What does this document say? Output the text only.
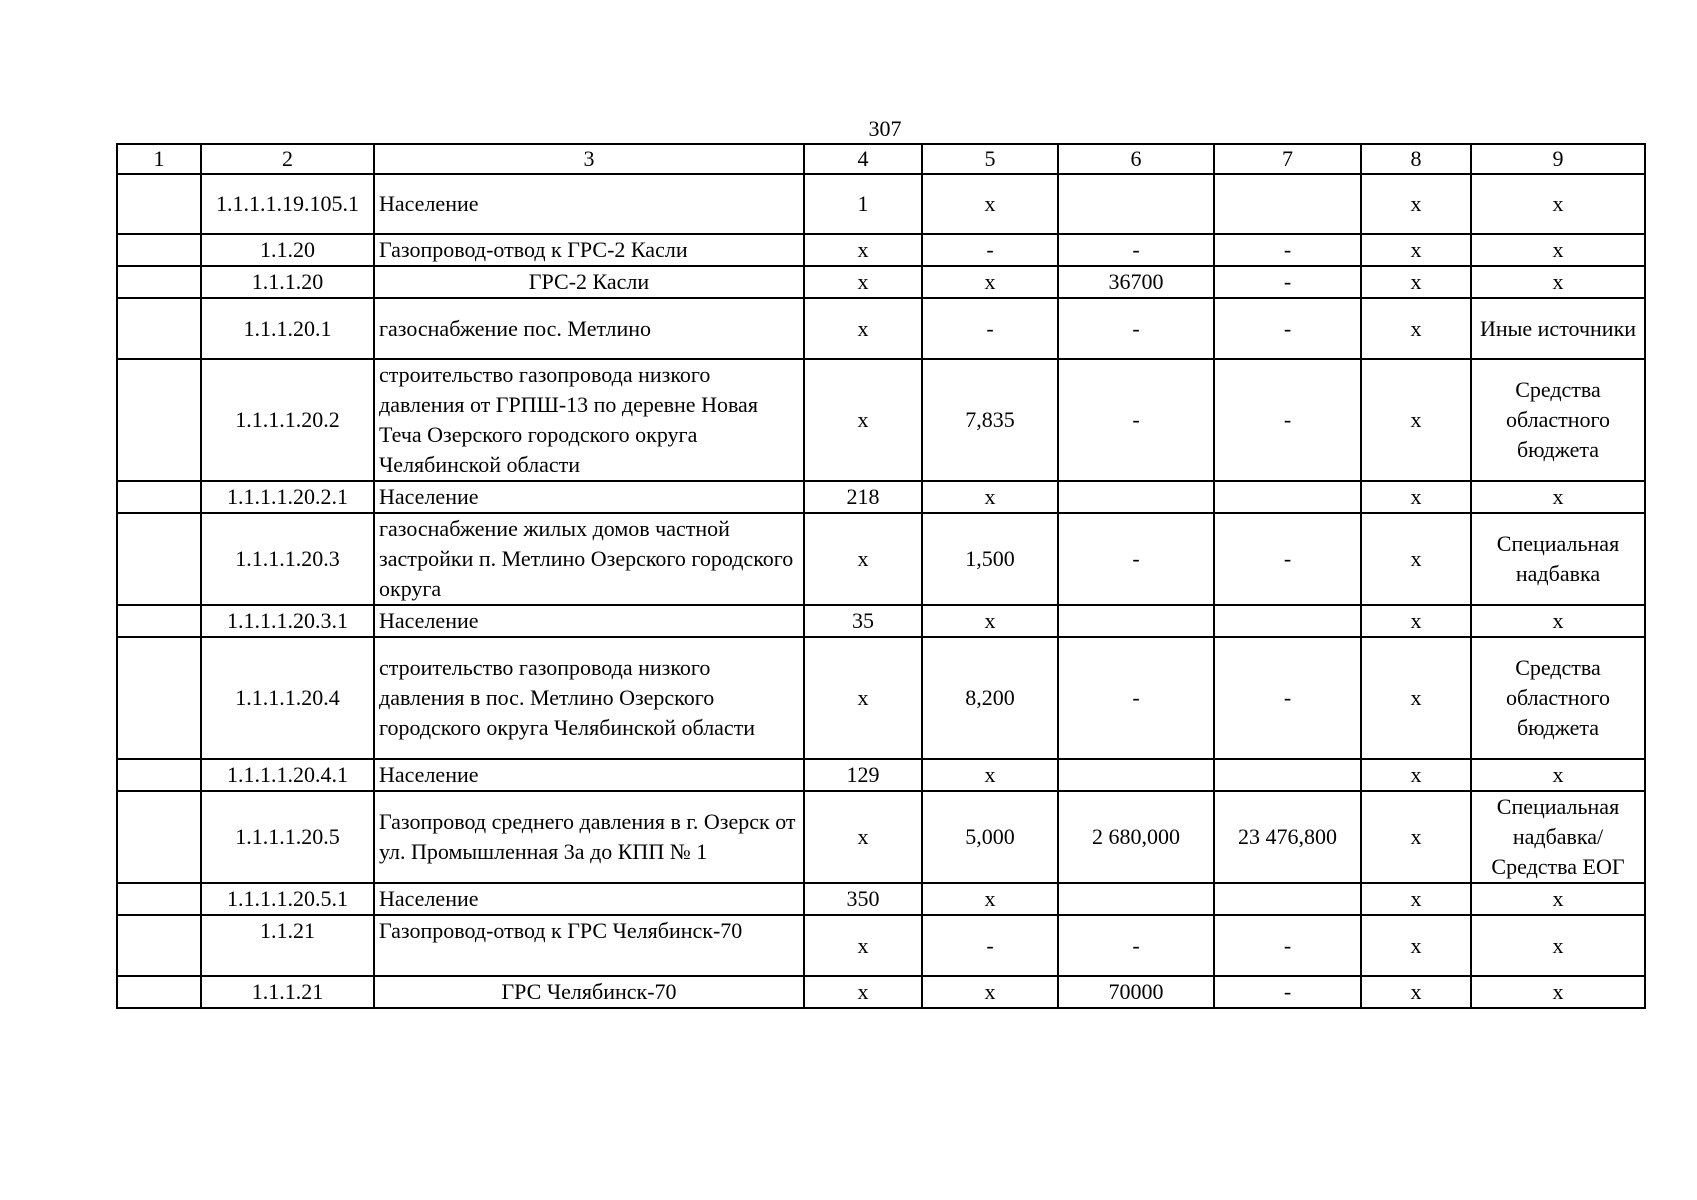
307
1	2	3	4	5	6	7	8	9
	1.1.1.1.19.105.1	Население	1	x			x	x
	1.1.20	Газопровод-отвод к ГРС-2 Касли	x	-	-	-	x	x
	1.1.1.20	ГРС-2 Касли	x	x	36700	-	x	x
	1.1.1.20.1	газоснабжение пос. Метлино	x	-	-	-	x	Иные источники
	1.1.1.1.20.2	строительство газопровода низкого давления от ГРПШ-13 по деревне Новая Теча Озерского городского округа Челябинской области	x	7,835	-	-	x	Средства областного бюджета
	1.1.1.1.20.2.1	Население	218	x			x	x
	1.1.1.1.20.3	газоснабжение жилых домов частной застройки п. Метлино Озерского городского округа	x	1,500	-	-	x	Специальная надбавка
	1.1.1.1.20.3.1	Население	35	x			x	x
	1.1.1.1.20.4	строительство газопровода низкого давления в пос. Метлино Озерского городского округа Челябинской области	x	8,200	-	-	x	Средства областного бюджета
	1.1.1.1.20.4.1	Население	129	x			x	x
	1.1.1.1.20.5	Газопровод среднего давления в г. Озерск от ул. Промышленная 3а до КПП № 1	x	5,000	2 680,000	23 476,800	x	Специальная надбавка/Средства ЕОГ
	1.1.1.1.20.5.1	Население	350	x			x	x
	1.1.21	Газопровод-отвод к ГРС Челябинск-70	x	-	-	-	x	x
	1.1.1.21	ГРС Челябинск-70	x	x	70000	-	x	x
